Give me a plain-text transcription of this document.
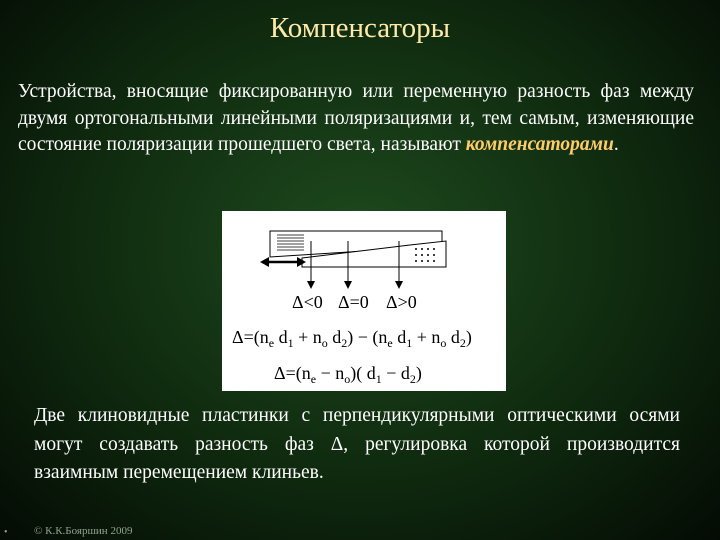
Компенсаторы
Устройства, вносящие фиксированную или переменную разность фаз между двумя ортогональными линейными поляризациями и, тем самым, изменяющие состояние поляризации прошедшего света, называют компенсаторами.
Δ<0 Δ=0 Δ>0
$\Delta=(n_e$ $d_1 + n_o$ $d_2) - (n_e$ $d_1 + n_o$ $d_2$)
$\Delta=(n_e - n_o)$( $d_1 - d_2$)
Две клиновидные пластинки с перпендикулярными оптическими осями могут создавать разность фаз Δ, регулировка которой производится взаимным перемещением клиньев.
• © К.К.Бояршин 2009
